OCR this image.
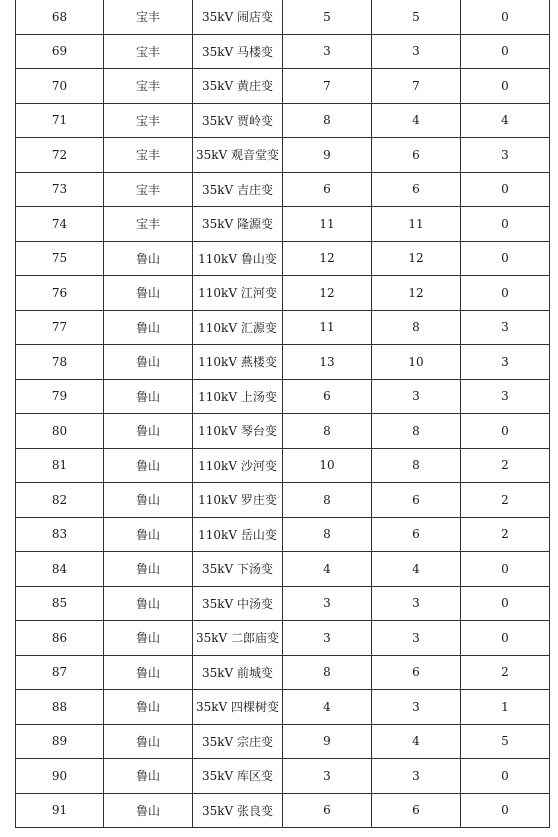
68	宝丰	35kV 闹店变	5	5	0
69	宝丰	35kV 马楼变	3	3	0
70	宝丰	35kV 黄庄变	7	7	0
71	宝丰	35kV 贾岭变	8	4	4
72	宝丰	35kV 观音堂变	9	6	3
73	宝丰	35kV 吉庄变	6	6	0
74	宝丰	35kV 隆源变	11	11	0
75	鲁山	110kV 鲁山变	12	12	0
76	鲁山	110kV 江河变	12	12	0
77	鲁山	110kV 汇源变	11	8	3
78	鲁山	110kV 燕楼变	13	10	3
79	鲁山	110kV 上汤变	6	3	3
80	鲁山	110kV 琴台变	8	8	0
81	鲁山	110kV 沙河变	10	8	2
82	鲁山	110kV 罗庄变	8	6	2
83	鲁山	110kV 岳山变	8	6	2
84	鲁山	35kV 下汤变	4	4	0
85	鲁山	35kV 中汤变	3	3	0
86	鲁山	35kV 二郎庙变	3	3	0
87	鲁山	35kV 前城变	8	6	2
88	鲁山	35kV 四棵树变	4	3	1
89	鲁山	35kV 宗庄变	9	4	5
90	鲁山	35kV 库区变	3	3	0
91	鲁山	35kV 张良变	6	6	0
